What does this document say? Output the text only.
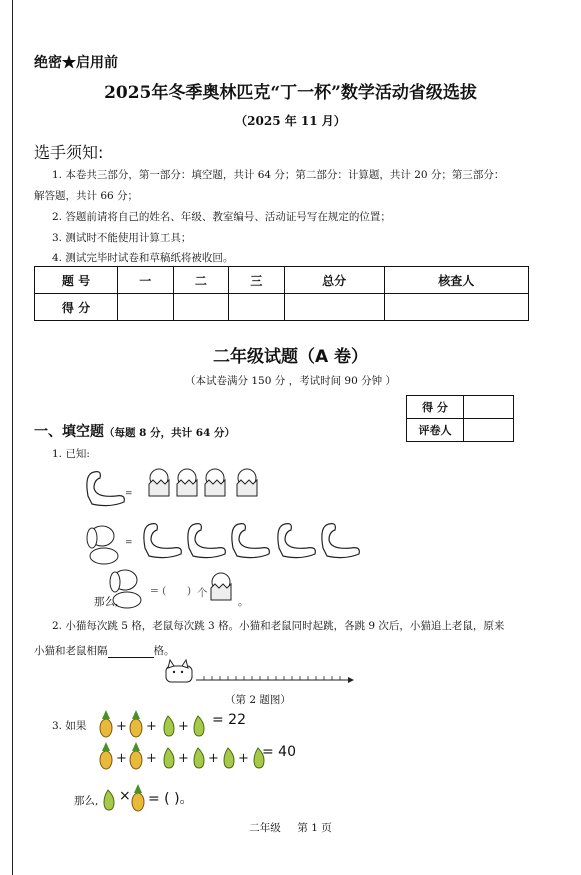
绝密★启用前
2025年冬季奥林匹克“丁一杯”数学活动省级选拔
（2025 年 11 月）
选手须知:
1. 本卷共三部分，第一部分：填空题，共计 64 分；第二部分：计算题，共计 20 分；第三部分：
解答题，共计 66 分；
2. 答题前请将自己的姓名、年级、教室编号、活动证号写在规定的位置；
3. 测试时不能使用计算工具；
4. 测试完毕时试卷和草稿纸将被收回。
题 号	一	二	三	总分	核查人
得 分					
二年级试题（A 卷）
（本试卷满分 150 分 ，考试时间 90 分钟 ）
得 分	
评卷人	
一、填空题（每题 8 分，共计 64 分）
1. 已知:
=
=
那么,
= ( ) 个
。
2. 小猫每次跳 5 格，老鼠每次跳 3 格。小猫和老鼠同时起跳，各跳 9 次后，小猫追上老鼠，原来
小猫和老鼠相隔	格。
（第 2 题图）
3. 如果 + + + = 22
+ + + + + = 40
那么, × = ( )。
二年级 第 1 页
